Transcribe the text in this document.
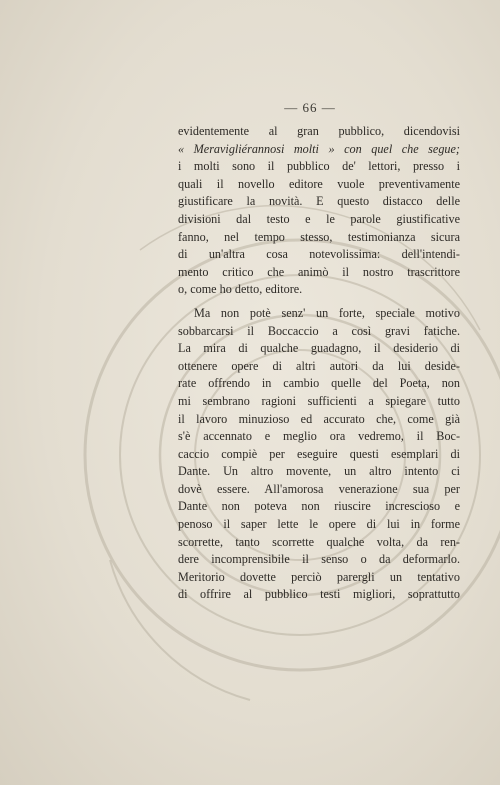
— 66 —
evidentemente al gran pubblico, dicendovisi
« Meravigliérannosi molti » con quel che segue;
i molti sono il pubblico de' lettori, presso i
quali il novello editore vuole preventivamente
giustificare la novità. E questo distacco delle
divisioni dal testo e le parole giustificative
fanno, nel tempo stesso, testimonianza sicura
di un'altra cosa notevolissima: dell'intendi-
mento critico che animò il nostro trascrittore
o, come ho detto, editore.
Ma non potè senz' un forte, speciale motivo
sobbarcarsi il Boccaccio a così gravi fatiche.
La mira di qualche guadagno, il desiderio di
ottenere opere di altri autori da lui deside-
rate offrendo in cambio quelle del Poeta, non
mi sembrano ragioni sufficienti a spiegare tutto
il lavoro minuzioso ed accurato che, come già
s'è accennato e meglio ora vedremo, il Boc-
caccio compiè per eseguire questi esemplari di
Dante. Un altro movente, un altro intento ci
dovè essere. All'amorosa venerazione sua per
Dante non poteva non riuscire increscioso e
penoso il saper lette le opere di lui in forme
scorrette, tanto scorrette qualche volta, da ren-
dere incomprensibile il senso o da deformarlo.
Meritorio dovette perciò parergli un tentativo
di offrire al pubblico testi migliori, soprattutto
